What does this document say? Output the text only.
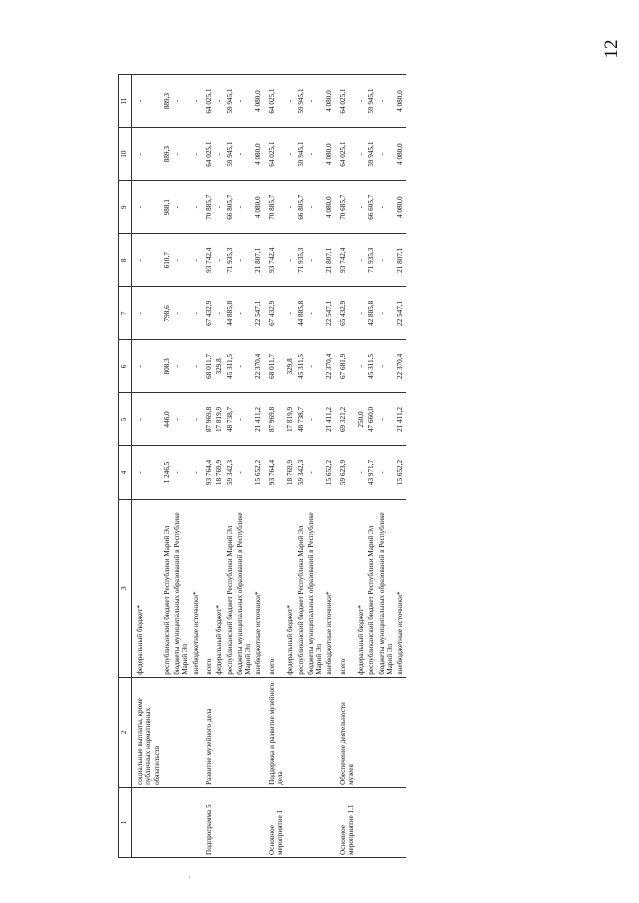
12
·
1	2	3	4	5	6	7	8	9	10	11
	социальные выплаты, кроме публичных нормативных обязательств	федеральный бюджет*	-	-	-	-	-	-	-	-
		республиканский бюджет Республики Марий Эл	1 246,5	446,0	808,3	798,6	610,7	988,1	889,3	889,3
		бюджеты муниципальных образований в Республике Марий Эл	-	-	-	-	-	-	-	-
		внебюджетные источники*	-	-	-	-	-	-	-	-
Подпрограмма 5	Развитие музейного дела	всего	93 764,4	87 969,8	68 011,7	67 432,9	93 742,4	70 885,7	64 025,1	64 025,1
		федеральный бюджет*	18 769,9	17 819,9	329,8	-	-	-	-	-
		республиканский бюджет Республики Марий Эл	59 342,3	48 738,7	45 311,5	44 885,8	71 935,3	66 805,7	59 945,1	59 945,1
		бюджеты муниципальных образований в Республике Марий Эл	-	-	-	-	-	-	-	-
		внебюджетные источники*	15 652,2	21 411,2	22 370,4	22 547,1	21 807,1	4 080,0	4 080,0	4 080,0
Основное мероприятие 1	Поддержка и развитие музейного дела	всего	93 764,4	87 969,8	68 011,7	67 432,9	93 742,4	70 885,7	64 025,1	64 025,1
		федеральный бюджет*	18 769,9	17 819,9	329,8	-	-	-	-	-
		республиканский бюджет Республики Марий Эл	59 342,3	48 738,7	45 311,5	44 885,8	71 935,3	66 805,7	59 945,1	59 945,1
		бюджеты муниципальных образований в Республике Марий Эл	-	-	-	-	-	-	-	-
		внебюджетные источники*	15 652,2	21 411,2	22 370,4	22 547,1	21 807,1	4 080,0	4 080,0	4 080,0
Основное мероприятие 1.1	Обеспечение деятельности музеев	всего	59 623,9	69 321,2	67 681,9	65 432,9	93 742,4	70 685,7	64 025,1	64 025,1
		федеральный бюджет*	-	250,0	-	-	-	-	-	-
		республиканский бюджет Республики Марий Эл	43 971,7	47 660,0	45 311,5	42 885,8	71 935,3	66 605,7	59 945,1	59 945,1
		бюджеты муниципальных образований в Республике Марий Эл	-	-	-	-	-	-	-	-
		внебюджетные источники*	15 652,2	21 411,2	22 370,4	22 547,1	21 807,1	4 080,0	4 080,0	4 080,0
